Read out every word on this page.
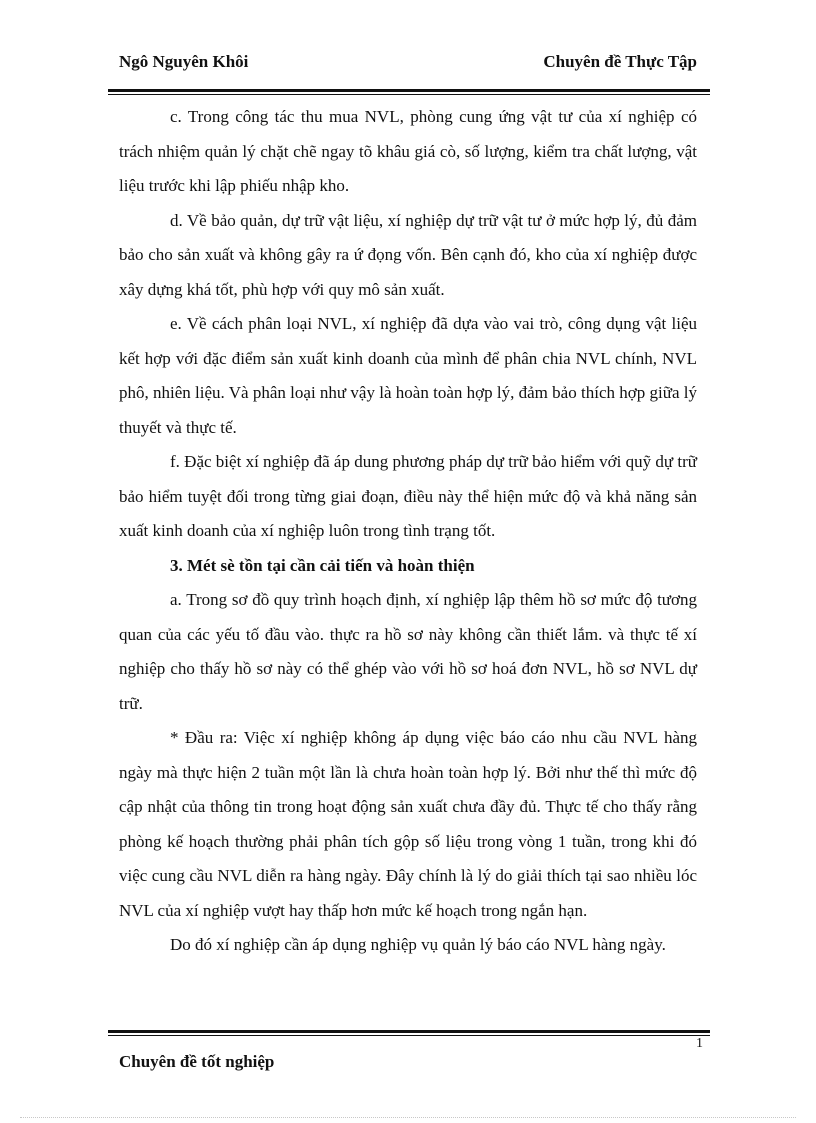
Ngô Nguyên Khôi	Chuyên đề Thực Tập

c. Trong công tác thu mua NVL, phòng cung ứng vật tư của xí nghiệp có trách nhiệm quản lý chặt chẽ ngay tõ khâu giá cò, số lượng, kiểm tra chất lượng, vật liệu trước khi lập phiếu nhập kho.

d. Về bảo quản, dự trữ vật liệu, xí nghiệp dự trữ vật tư ở mức hợp lý, đủ đảm bảo cho sản xuất và không gây ra ứ đọng vốn. Bên cạnh đó, kho của xí nghiệp được xây dựng khá tốt, phù hợp với quy mô sản xuất.

e. Về cách phân loại NVL, xí nghiệp đã dựa vào vai trò, công dụng vật liệu kết hợp với đặc điểm sản xuất kinh doanh của mình để phân chia NVL chính, NVL phô, nhiên liệu. Và phân loại như vậy là hoàn toàn hợp lý, đảm bảo thích hợp giữa lý thuyết và thực tế.

f. Đặc biệt xí nghiệp đã áp dung phương pháp dự trữ bảo hiểm với quỹ dự trữ bảo hiểm tuyệt đối trong từng giai đoạn, điều này thể hiện mức độ và khả năng sản xuất kinh doanh của xí nghiệp luôn trong tình trạng tốt.

3. Mét sè tồn tại cần cải tiến và hoàn thiện

a. Trong sơ đồ quy trình hoạch định, xí nghiệp lập thêm hồ sơ mức độ tương quan của các yếu tố đầu vào. thực ra hồ sơ này không cần thiết lắm. và thực tế xí nghiệp cho thấy hồ sơ này có thể ghép vào với hồ sơ hoá đơn NVL, hồ sơ NVL dự trữ.

* Đầu ra: Việc xí nghiệp không áp dụng việc báo cáo nhu cầu NVL hàng ngày mà thực hiện 2 tuần một lần là chưa hoàn toàn hợp lý. Bởi như thế thì mức độ cập nhật của thông tin trong hoạt động sản xuất chưa đầy đủ. Thực tế cho thấy rằng phòng kế hoạch thường phải phân tích gộp số liệu trong vòng 1 tuần, trong khi đó việc cung cầu NVL diễn ra hàng ngày. Đây chính là lý do giải thích tại sao nhiều lóc NVL của xí nghiệp vượt hay thấp hơn mức kế hoạch trong ngắn hạn.

Do đó xí nghiệp cần áp dụng nghiệp vụ quản lý báo cáo NVL hàng ngày.

1
Chuyên đề tốt nghiệp
